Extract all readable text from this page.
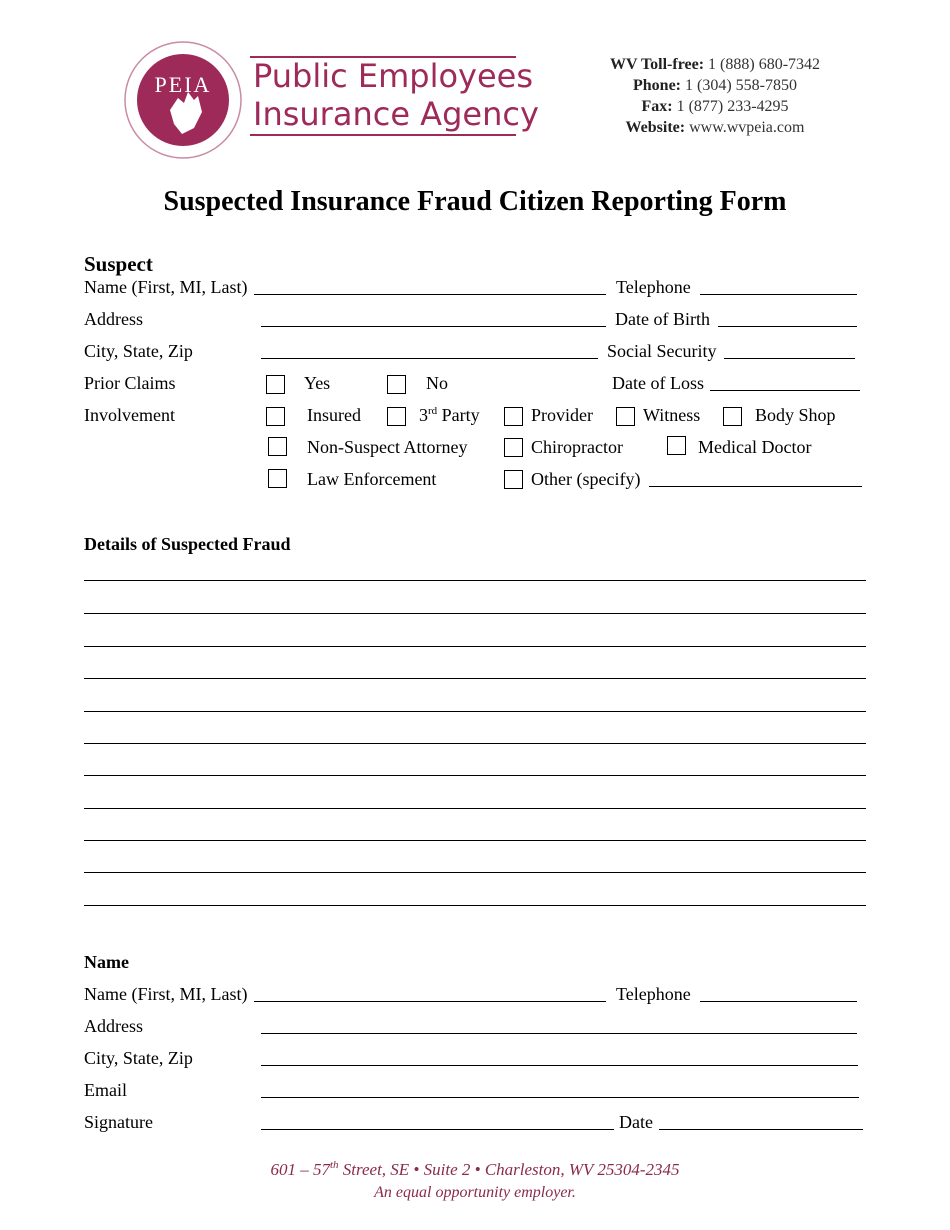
PEIA Public Employees
Insurance Agency
WV Toll-free: 1 (888) 680-7342
Phone: 1 (304) 558-7850
Fax: 1 (877) 233-4295
Website: www.wvpeia.com
Suspected Insurance Fraud Citizen Reporting Form
Suspect
Name (First, MI, Last)	Telephone
Address	Date of Birth
City, State, Zip	Social Security
Prior Claims	Yes	No	Date of Loss
Involvement	Insured	3rd Party	Provider	Witness	Body Shop
Non-Suspect Attorney	Chiropractor	Medical Doctor
Law Enforcement	Other (specify)
Details of Suspected Fraud
Name
Name (First, MI, Last)	Telephone
Address
City, State, Zip
Email
Signature	Date
601 – 57th Street, SE • Suite 2 • Charleston, WV 25304-2345
An equal opportunity employer.
